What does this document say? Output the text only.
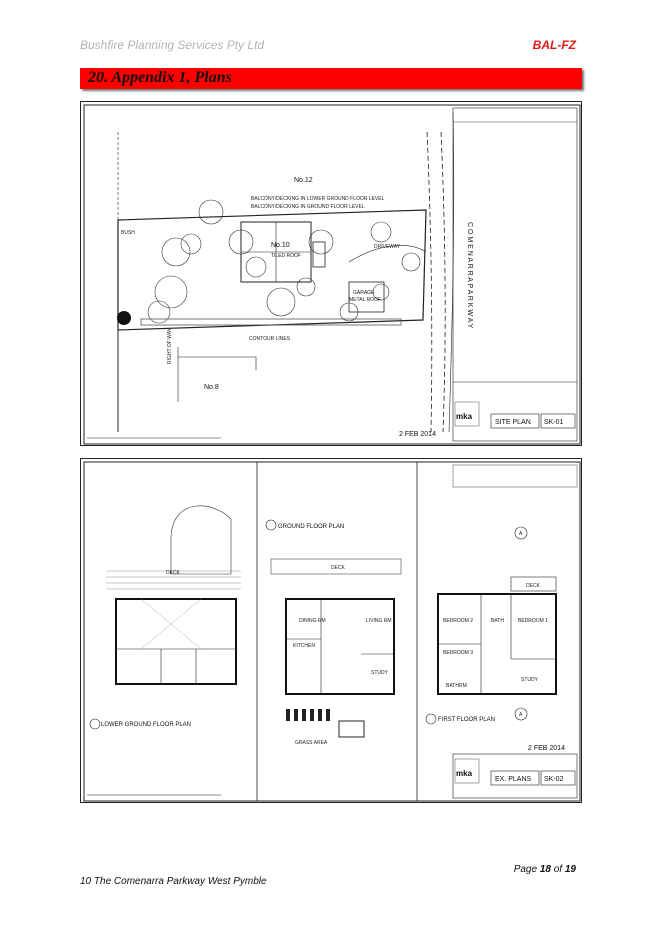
Bushfire Planning Services Pty Ltd	BAL-FZ
20. Appendix 1, Plans
No.10
TILED ROOF
GARAGE
METAL ROOF
DRIVEWAY
No.12
No.8
BALCONY/DECKING IN LOWER GROUND FLOOR LEVEL
BALCONY/DECKING IN GROUND FLOOR LEVEL
CONTOUR LINES
BUSH
RIGHT OF WAY
C O M E N A R R A P A R K W A Y
mka
SITE PLAN SK-01
2 FEB 2014
DECK
LOWER GROUND FLOOR PLAN
GROUND FLOOR PLAN
DECK
DINING RM	LIVING RM
KITCHEN
STUDY
GRASS AREA
A
DECK
BEDROOM 2	BATH	BEDROOM 1
BEDROOM 3
BATHRM
STUDY
FIRST FLOOR PLAN
A
mka
EX. PLANS SK-02
2 FEB 2014
Page 18 of 19
10 The Comenarra Parkway West Pymble
